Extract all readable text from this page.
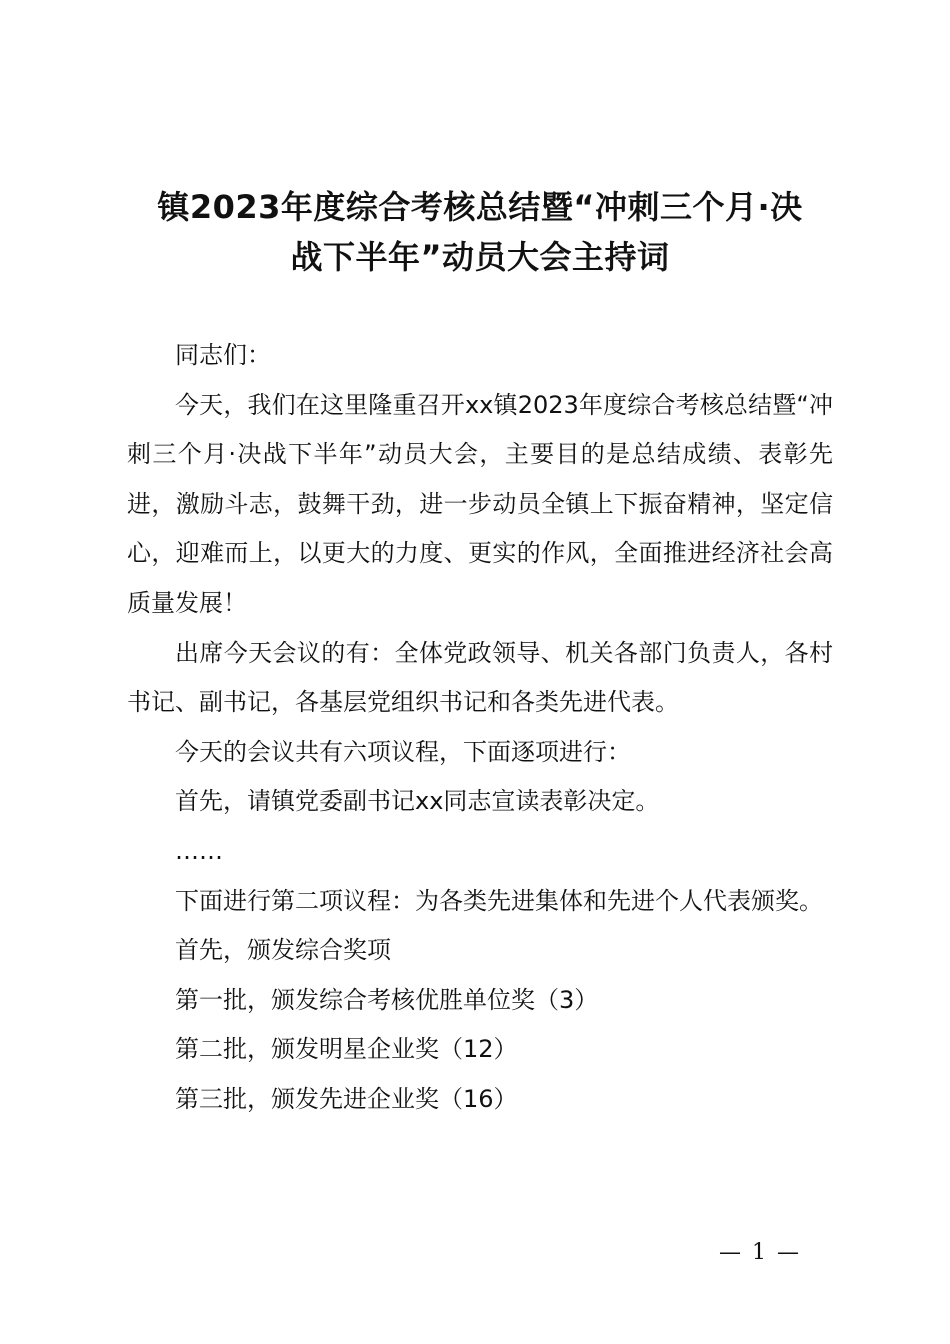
镇2023年度综合考核总结暨“冲刺三个月·决
战下半年”动员大会主持词

同志们：

今天，我们在这里隆重召开xx镇2023年度综合考核总结暨“冲刺三个月·决战下半年”动员大会，主要目的是总结成绩、表彰先进，激励斗志，鼓舞干劲，进一步动员全镇上下振奋精神，坚定信心，迎难而上，以更大的力度、更实的作风，全面推进经济社会高质量发展！

出席今天会议的有：全体党政领导、机关各部门负责人，各村书记、副书记，各基层党组织书记和各类先进代表。

今天的会议共有六项议程，下面逐项进行：

首先，请镇党委副书记xx同志宣读表彰决定。

……

下面进行第二项议程：为各类先进集体和先进个人代表颁奖。

首先，颁发综合奖项

第一批，颁发综合考核优胜单位奖（3）

第二批，颁发明星企业奖（12）

第三批，颁发先进企业奖（16）

— 1 —
